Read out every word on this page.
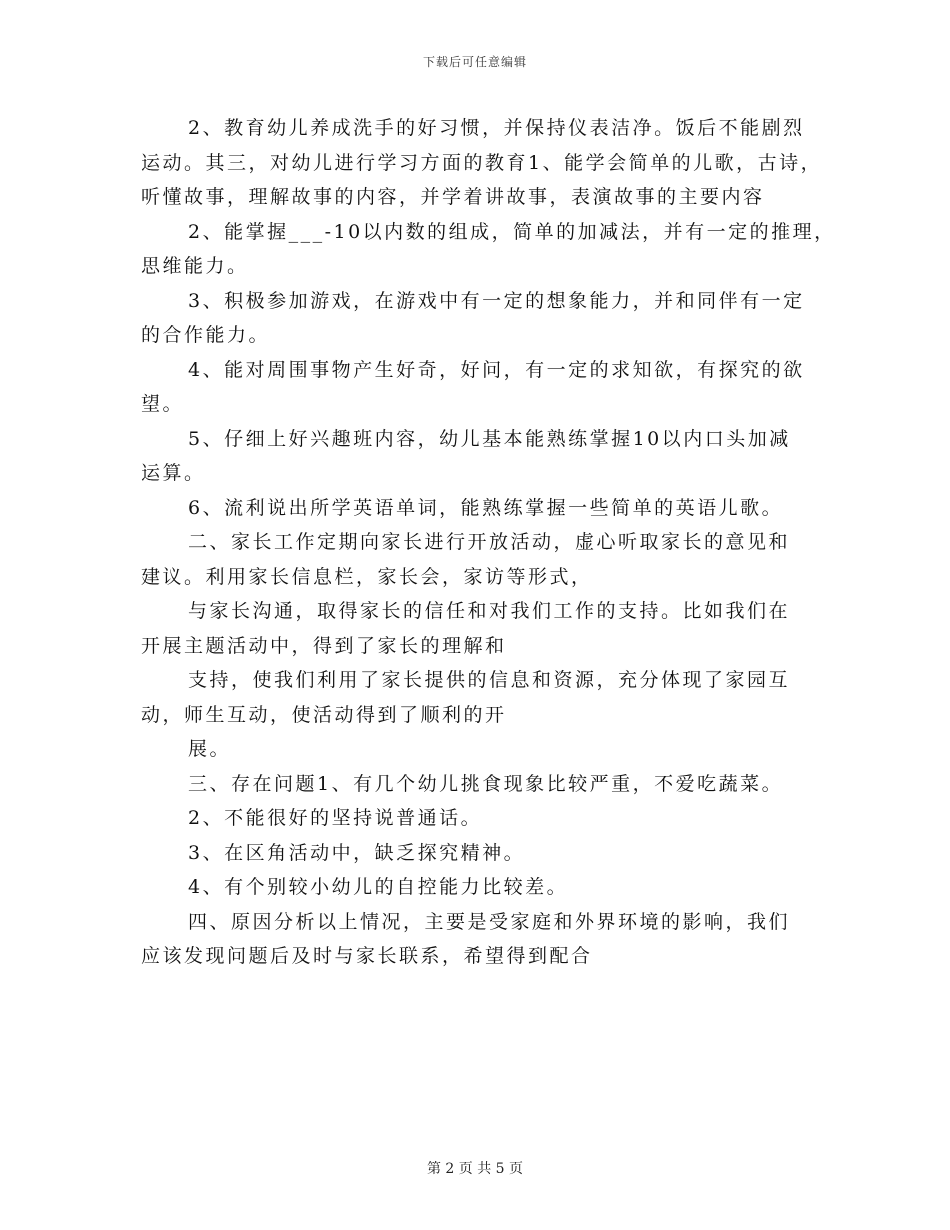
下载后可任意编辑

2、教育幼儿养成洗手的好习惯，并保持仪表洁净。饭后不能剧烈
运动。其三，对幼儿进行学习方面的教育1、能学会简单的儿歌，古诗，
听懂故事，理解故事的内容，并学着讲故事，表演故事的主要内容

2、能掌握___-10以内数的组成，简单的加减法，并有一定的推理，
思维能力。

3、积极参加游戏，在游戏中有一定的想象能力，并和同伴有一定
的合作能力。

4、能对周围事物产生好奇，好问，有一定的求知欲，有探究的欲
望。

5、仔细上好兴趣班内容，幼儿基本能熟练掌握10以内口头加减
运算。

6、流利说出所学英语单词，能熟练掌握一些简单的英语儿歌。

二、家长工作定期向家长进行开放活动，虚心听取家长的意见和
建议。利用家长信息栏，家长会，家访等形式，

与家长沟通，取得家长的信任和对我们工作的支持。比如我们在
开展主题活动中，得到了家长的理解和

支持，使我们利用了家长提供的信息和资源，充分体现了家园互
动，师生互动，使活动得到了顺利的开

展。

三、存在问题1、有几个幼儿挑食现象比较严重，不爱吃蔬菜。

2、不能很好的坚持说普通话。

3、在区角活动中，缺乏探究精神。

4、有个别较小幼儿的自控能力比较差。

四、原因分析以上情况，主要是受家庭和外界环境的影响，我们
应该发现问题后及时与家长联系，希望得到配合

第 2 页 共 5 页
